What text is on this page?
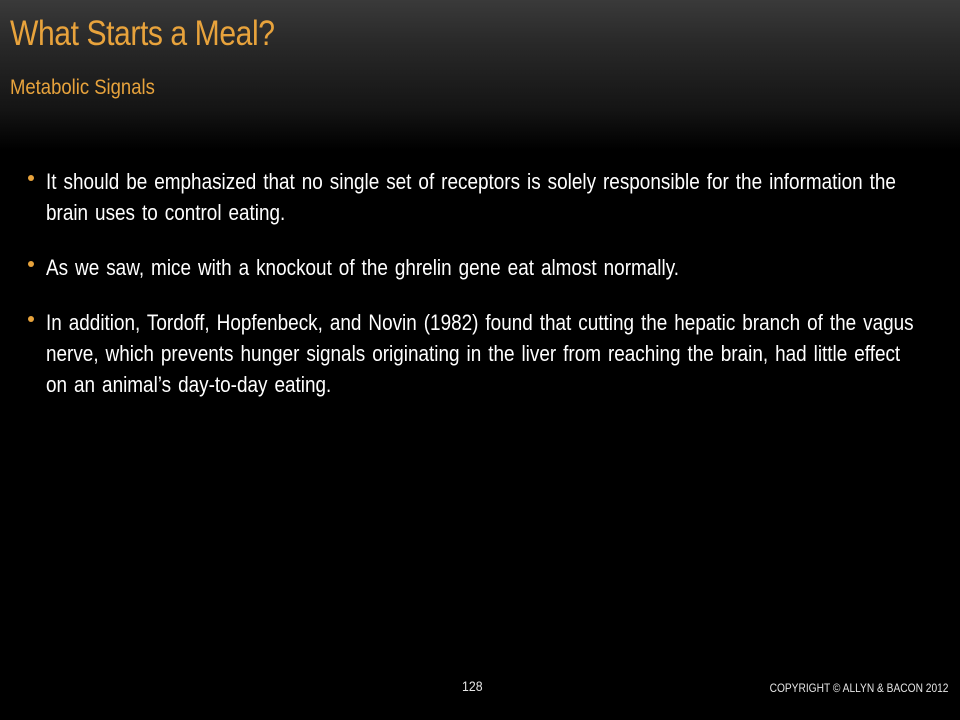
What Starts a Meal?
Metabolic Signals
It should be emphasized that no single set of receptors is solely responsible for the information the brain uses to control eating.
As we saw, mice with a knockout of the ghrelin gene eat almost normally.
In addition, Tordoff, Hopfenbeck, and Novin (1982) found that cutting the hepatic branch of the vagus nerve, which prevents hunger signals originating in the liver from reaching the brain, had little effect on an animal’s day-to-day eating.
128	COPYRIGHT © ALLYN & BACON 2012
